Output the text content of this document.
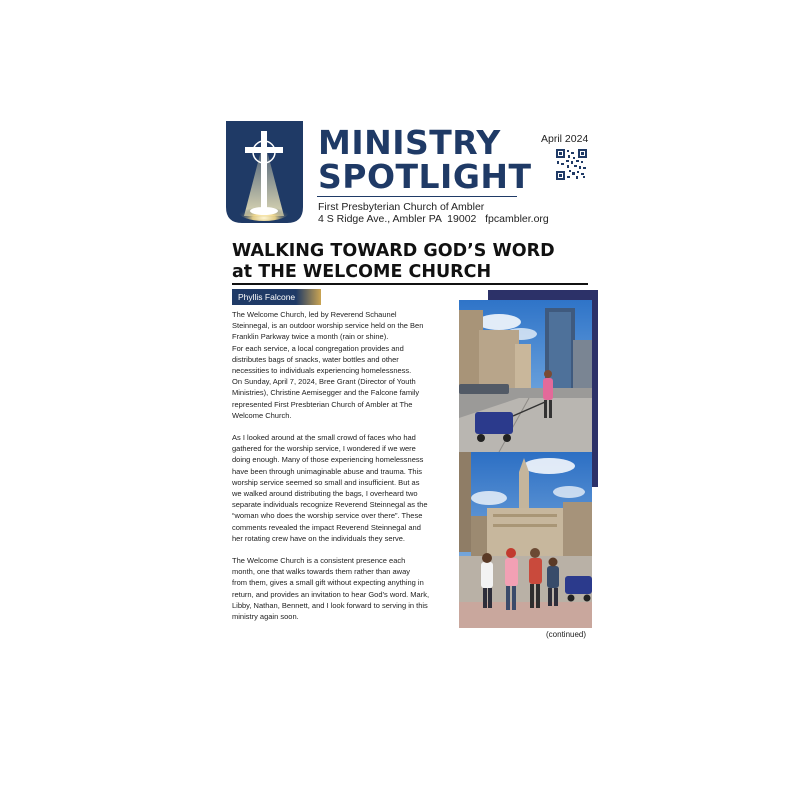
MINISTRY
SPOTLIGHT
April 2024
First Presbyterian Church of Ambler
4 S Ridge Ave., Ambler PA  19002   fpcambler.org
WALKING TOWARD GOD’S WORD
at THE WELCOME CHURCH
Phyllis Falcone

The Welcome Church, led by Reverend Schaunel
Steinnegal, is an outdoor worship service held on the Ben
Franklin Parkway twice a month (rain or shine).
For each service, a local congregation provides and
distributes bags of snacks, water bottles and other
necessities to individuals experiencing homelessness.
On Sunday, April 7, 2024, Bree Grant (Director of Youth
Ministries), Christine Aemisegger and the Falcone family
represented First Presbterian Church of Ambler at The
Welcome Church.

As I looked around at the small crowd of faces who had
gathered for the worship service, I wondered if we were
doing enough. Many of those experiencing homelessness
have been through unimaginable abuse and trauma. This
worship service seemed so small and insufficient. But as
we walked around distributing the bags, I overheard two
separate individuals recognize Reverend Steinnegal as the
“woman who does the worship service over there”. These
comments revealed the impact Reverend Steinnegal and
her rotating crew have on the individuals they serve.

The Welcome Church is a consistent presence each
month, one that walks towards them rather than away
from them, gives a small gift without expecting anything in
return, and provides an invitation to hear God’s word. Mark,
Libby, Nathan, Bennett, and I look forward to serving in this
ministry again soon.

(continued)
